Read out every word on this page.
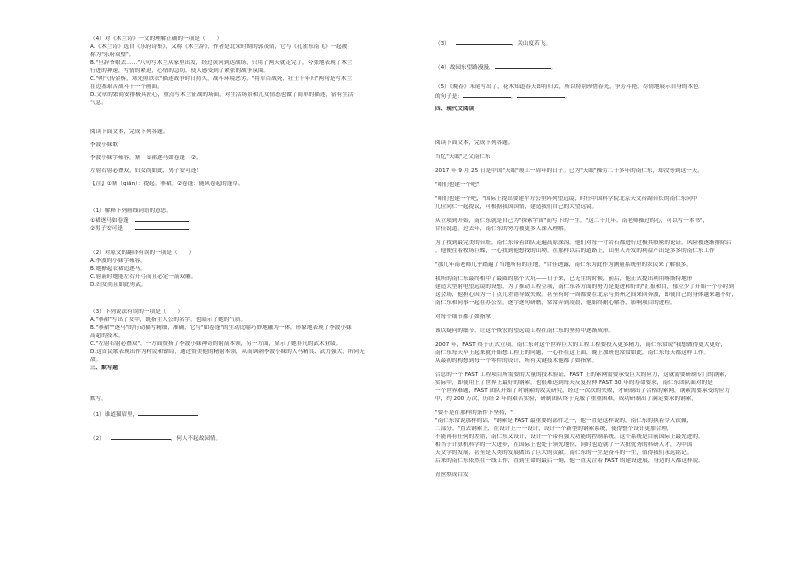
（4）对《木兰诗》一文的理解正确的一项是（　　）
A.《木兰诗》选自《乐府诗集》，又称《木兰辞》，作者是北宋时期的郭茂倩，它与《孔雀东南飞》一起被
称为"乐府双璧"。
B."旦辞爷娘去……"八句写木兰从家里出发，经过黄河到达战场，只用了两天就走完了，夸张地表现了木兰
行进的神速，写情的紧迫，心情的急切，使人感受到了紧张的战争氛围。
C."朔气传金柝，寒光照铁衣"描述战争时日持久，战斗环境恶劣，"将军百战死，壮士十年归"两句是写木兰
在边塞艰苦战斗十一个画面。
D.文章的繁简安排极具匠心，重点写木兰征战的场面，对生活场景和儿女情态也做了简单的描述，富有生活
气息。
阅读下面文本，完成下列各题。
李波小妹歌
李波小妹字雍容，寨 ①裙逐马如卷蓬 ②。
左射右射必叠双，妇女尚如此，男子安可逢！
【注】①寨（qiān）：提起。搴裙。②卷蓬：随风卷起的蓬草。
（1）解释下列画线词语的意思。
①裙逐马如卷蓬
②男子安可逢
（2）对原文的翻译有误的一项是（　　）
A.李波的小妹字雍容。
B.她撩起衣裙追逐马。
C.射箭时她能左右开弓而且必定一箭双雕。
D.妇女尚且如此勇武。
（3）下列说法有误的一项是（　　）
A."搴裙"写出了女中，既指主人公的名字，也暗示了她的气质。
B."搴裙""逐马"的行动描写精细，准确，它与"如卷蓬"的生动比喻巧妙地融为一体，形象地表现了李波小妹
高超的技术。
C."左射右射必叠双"，一方面赞扬了李波小妹神奇的射箭本领，另一方面，显示了她非凡的武术业绩。
D.这首民歌表现出作为村民和镖局，通过赞美他的精射本领，从而讽刺李波小妹的人马精良、武力强大，所向无
敌。
三、默写题
默写。
（1）谁道猫眉里，
（2）	，何人不起故园情。
（3）	，关山度若飞。
（4）故园东望路漫漫，	。
（5）《晚春》末尾写出了，花木知道春天即将归去，所以特别珍惜春光，争芳斗艳，尽情地展示自身的本色
的句子是：	，	。
四、现代文阅读
阅读下面文本，完成下列各题。
当忆"天眼"之父南仁东
2017 年 9 月 25 日是中国"天眼"竣工一周年的日子。已为"天眼"操劳二十多年的南仁东，却没等到这一天。
"咱们也建一个吧"
"咱们也建一个吧，"国际上提出要建平方公里阵列望远镜，时任中国科学院北京天文台副台长的南仁东向中
几位同仁一起提议，可根据我国国情，建造我们自己的大望远镜。
从立项到开始，南仁东就是自己为"探索宇宙"而写下的一生。"这二十几年，南老师操过的心，可以写一本书"，
甘佳说道。过去年，南仁东的努力被更多人深入理解。
为了找到最完美的台址，南仁东带着团队走遍高原深沟。他们对每一寸岩石都进行过极其缜密的论证，风险被逐渐排除后
，他便往着牧场巨蝶，一心找到他想找的山坳。在那样以后的道路上，山里人开发的利益产出是多多的南仁东工作
"那几年南老师几乎踏遍了当地所有的洼地，"甘佳透露，南仁东为此作为测量系统里的农民来了解很多。
我所的南仁东最终相中了最圆的那个大坑——日子来，已无生的时候，前后，他正式提出利用喀斯特地形
建造大型射电望远镜的设想，为了推动工程立项，南仁东各方面的努力是更进和好的"汇报和目，郁立少了开始一个小时到
这会场，他担心因为一丁点儿差错导致失败。甚至有时一周都要在北京与贵州之间来回奔波，即使自己的身体越来越不好，
南仁东和同事一起在办公室，逐字逐句研磨，常常弄到凌晨，他始终耐心解答，影响项目的进程。
对每个细节都了如指掌
该以疑问的细节，让这个恢宏的望远镜工程在南仁东的坚持中逐渐成形。
2007 年，FAST 终于正式立项。南仁东对这个世界巨大的工程工程要投入更多精力，南仁东常说"我想做得更大更好，
南仁东每天早上起来就开始想工程上的问题，一心扑在这上面，晚上加班也常常如此，南仁东每天都这样工作。
从最初的构想到每一个零件的设计，所有关键技术他都了如指掌。
合总的一个 FAST 工程项目所需要的大量的技术验证，FAST 上的索网需要承受巨大的应力，这就需要研制专门的钢索，
实际中，即使用上了世界上最好的钢索，也很难达到每天反复拉伸 FAST 30 年的寿命要求，南仁东团队面对的是
一个世界难题，FAST 团队开始了对钢索的攻关研究，经过一次次的失败，才研制出了合格的索网，钢索需要承受的应力
中，约 200 万次，历经 2 年的艰苦实验，研制团队终于克服了重重困难，成功研制出了满足要求的钢索，
"要不是在那样的条件下坚持，"
"南仁东常说那样的话，"钢索是 FAST 最重要的部件之一，他一直是这样说的，南仁东的执着令人钦佩，
二部分。"直去钢索上，在设计上一一设计，设计一个新型的钢索系统，使得整个设计更加合理，
不能再有任何的差错，南仁东又设计，设计一个带有强大功能的控制系统，这个系统是目前国际上最先进的。
相当于计算机科学的一大进步，在国际上也处于领先地位，同时也造就了一大批优秀的科研人才，为中国
天文学的发展，甚至是人类的发展做出了巨大的贡献。南仁东的一生是奋斗的一生，值得我们永远铭记。
后来的南仁东依然在一线工作，直到生命的最后一刻，他一直关注着 FAST 的建设进展，身边的人都这样说。
青丝熬成白发
